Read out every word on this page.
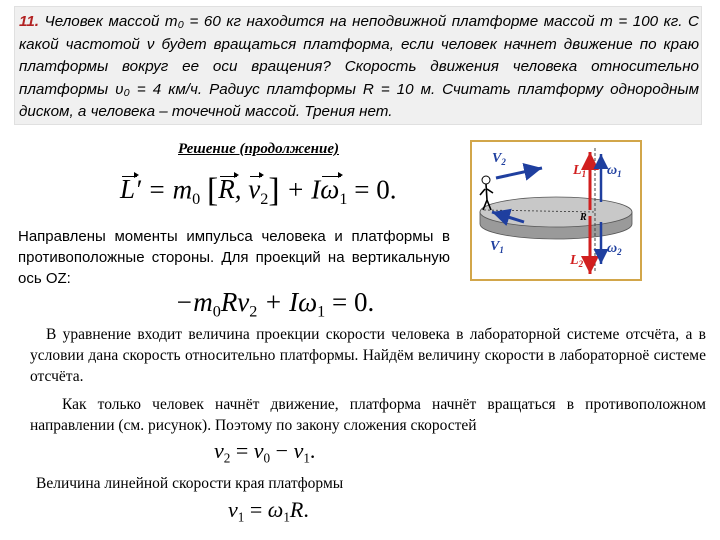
11. Человек массой m₀ = 60 кг находится на неподвижной платформе массой m = 100 кг. С какой частотой ν будет вращаться платформа, если человек начнет движение по краю платформы вокруг ее оси вращения? Скорость движения человека относительно платформы υ₀ = 4 км/ч. Радиус платформы R = 10 м. Считать платформу однородным диском, а человека – точечной массой. Трения нет.
Решение (продолжение)
$L' = m_0$ [R, $v_2] + I\omega_1 = 0$.
Направлены моменты импульса человека и платформы в противоположные стороны. Для проекций на вертикальную ось OZ:
$-m_0Rv_2 + I\omega_1 = 0$.
В уравнение входит величина проекции скорости человека в лабораторной системе отсчёта, а в условии дана скорость относительно платформы. Найдём величину скорости в лабораторноё системе отсчёта.
Как только человек начнёт движение, платформа начнёт вращаться в противоположном направлении (см. рисунок). Поэтому по закону сложения скоростей
$v_2 = v_0 - v_1$.
Величина линейной скорости края платформы
$v_1 = \omega_1R$.
$V_2$
$V_1$
$L_1$
$L_2$
$\omega_1$
$\omega_2$
R
